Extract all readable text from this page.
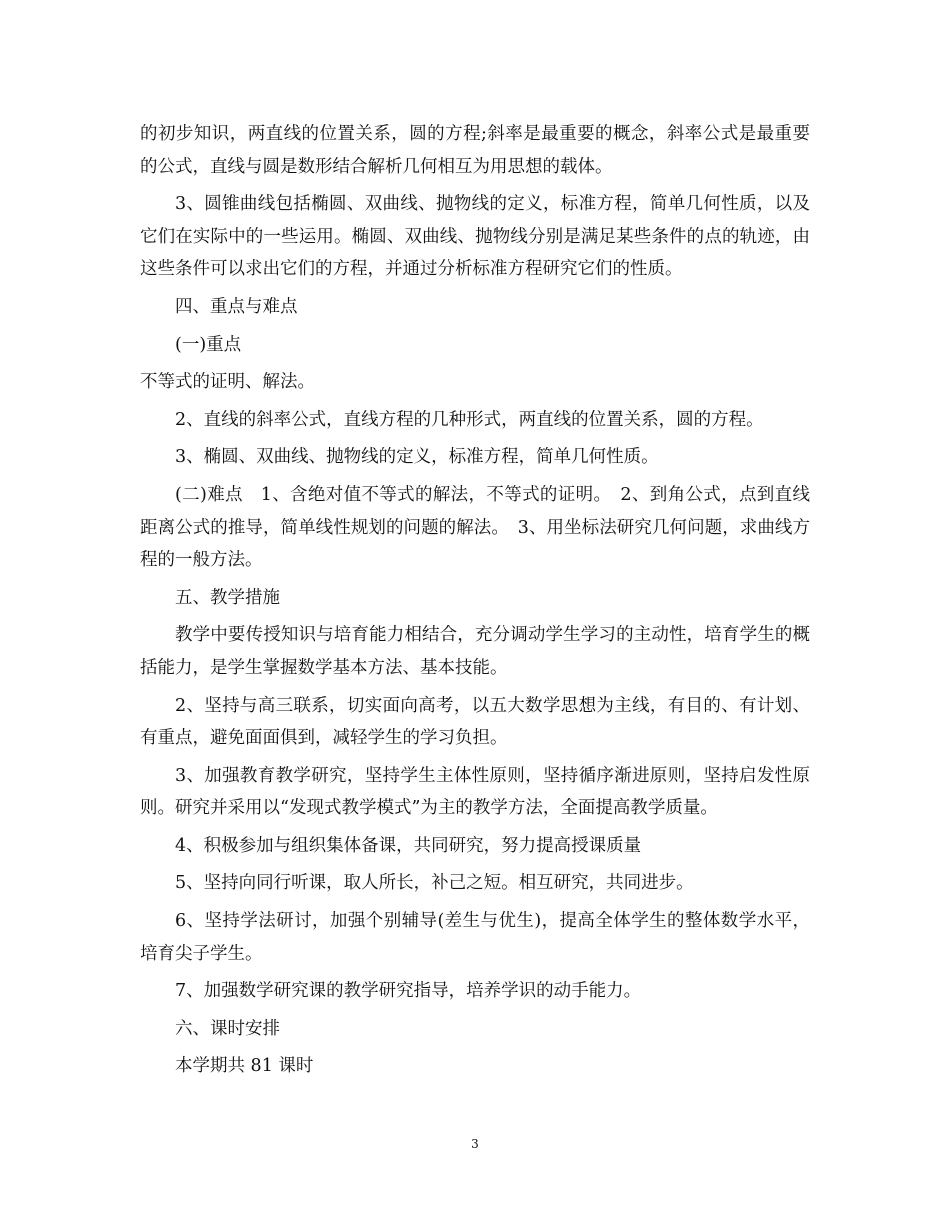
的初步知识，两直线的位置关系，圆的方程;斜率是最重要的概念，斜率公式是最重要的公式，直线与圆是数形结合解析几何相互为用思想的载体。

3、圆锥曲线包括椭圆、双曲线、抛物线的定义，标准方程，简单几何性质，以及它们在实际中的一些运用。椭圆、双曲线、抛物线分别是满足某些条件的点的轨迹，由这些条件可以求出它们的方程，并通过分析标准方程研究它们的性质。

四、重点与难点

(一)重点

不等式的证明、解法。

2、直线的斜率公式，直线方程的几种形式，两直线的位置关系，圆的方程。

3、椭圆、双曲线、抛物线的定义，标准方程，简单几何性质。

(二)难点　1、含绝对值不等式的解法，不等式的证明。　2、到角公式，点到直线距离公式的推导，简单线性规划的问题的解法。　3、用坐标法研究几何问题，求曲线方程的一般方法。

五、教学措施

教学中要传授知识与培育能力相结合，充分调动学生学习的主动性，培育学生的概括能力，是学生掌握数学基本方法、基本技能。

2、坚持与高三联系，切实面向高考，以五大数学思想为主线，有目的、有计划、有重点，避免面面俱到，减轻学生的学习负担。

3、加强教育教学研究，坚持学生主体性原则，坚持循序渐进原则，坚持启发性原则。研究并采用以“发现式教学模式”为主的教学方法，全面提高教学质量。

4、积极参加与组织集体备课，共同研究，努力提高授课质量

5、坚持向同行听课，取人所长，补己之短。相互研究，共同进步。

6、坚持学法研讨，加强个别辅导(差生与优生)，提高全体学生的整体数学水平，培育尖子学生。

7、加强数学研究课的教学研究指导，培养学识的动手能力。

六、课时安排

本学期共 81 课时

3
